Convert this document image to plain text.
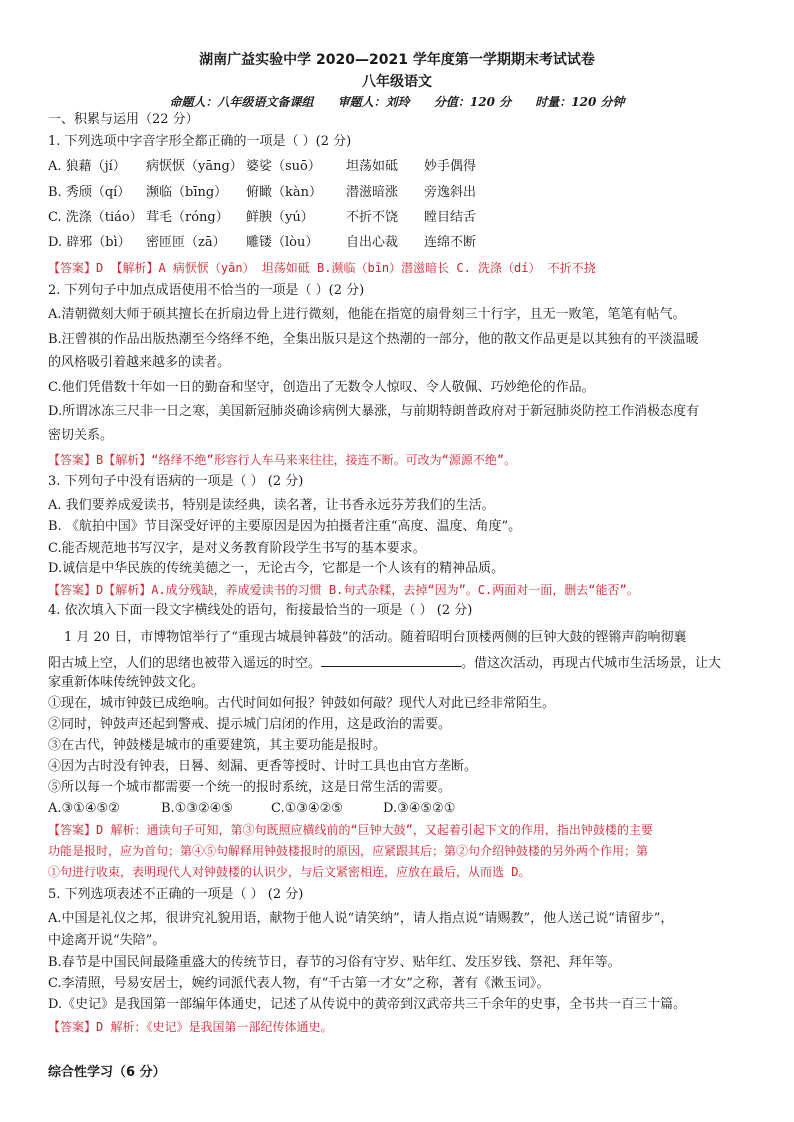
湖南广益实验中学 2020—2021 学年度第一学期期末考试试卷
八年级语文
命题人：八年级语文备课组 审题人：刘玲 分值：120 分 时量：120 分钟
一、积累与运用（22 分）
1. 下列选项中字音字形全都正确的一项是（ ）(2 分)
A. 狼藉（jí） 病恹恹（yāng） 婆娑（suō） 坦荡如砥 妙手偶得
B. 秀颀（qí） 濒临（bīng） 俯瞰（kàn） 潜滋暗涨 旁逸斜出
C. 洗涤（tiáo） 茸毛（róng） 鲜腴（yú） 不折不饶 瞠目结舌
D. 辟邪（bì） 密匝匝（zā） 雕镂（lòu） 自出心裁 连绵不断
【答案】D 【解析】A 病恹恹（yān） 坦荡如砥 B.濒临（bīn）潜滋暗长 C. 洗涤（dí） 不折不挠
2. 下列句子中加点成语使用不恰当的一项是（ ）(2 分)
A.清朝微刻大师于硕其擅长在折扇边骨上进行微刻，他能在指宽的扇骨刻三十行字，且无一败笔，笔笔有帖气。
B.汪曾祺的作品出版热潮至今络绎不绝，全集出版只是这个热潮的一部分，他的散文作品更是以其独有的平淡温暖
的风格吸引着越来越多的读者。
C.他们凭借数十年如一日的勤奋和坚守，创造出了无数令人惊叹、令人敬佩、巧妙绝伦的作品。
D.所谓冰冻三尺非一日之寒，美国新冠肺炎确诊病例大暴涨，与前期特朗普政府对于新冠肺炎防控工作消极态度有
密切关系。
【答案】B【解析】“络绎不绝”形容行人车马来来往往，接连不断。可改为“源源不绝”。
3. 下列句子中没有语病的一项是（ ） (2 分)
A. 我们要养成爱读书，特别是读经典，读名著，让书香永远芬芳我们的生活。
B. 《航拍中国》节目深受好评的主要原因是因为拍摄者注重“高度、温度、角度”。
C.能否规范地书写汉字，是对义务教育阶段学生书写的基本要求。
D.诚信是中华民族的传统美德之一，无论古今，它都是一个人该有的精神品质。
【答案】D【解析】A.成分残缺，养成爱读书的习惯 B.句式杂糅，去掉“因为”。C.两面对一面，删去“能否”。
4. 依次填入下面一段文字横线处的语句，衔接最恰当的一项是（ ） (2 分)
1 月 20 日，市博物馆举行了“重现古城晨钟暮鼓”的活动。随着昭明台顶楼两侧的巨钟大鼓的铿锵声韵响彻襄
阳古城上空，人们的思绪也被带入遥远的时空。	。借这次活动，再现古代城市生活场景，让大
家重新体味传统钟鼓文化。
①现在，城市钟鼓已成绝响。古代时间如何报？钟鼓如何敲？现代人对此已经非常陌生。
②同时，钟鼓声还起到警戒、提示城门启闭的作用，这是政治的需要。
③在古代，钟鼓楼是城市的重要建筑，其主要功能是报时。
④因为古时没有钟表，日晷、刻漏、更香等授时、计时工具也由官方垄断。
⑤所以每一个城市都需要一个统一的报时系统，这是日常生活的需要。
A.③①④⑤②	B.①③②④⑤	C.①③④②⑤	D.③④⑤②①
【答案】D 解析：通读句子可知，第③句既照应横线前的“巨钟大鼓”，又起着引起下文的作用，指出钟鼓楼的主要
功能是报时，应为首句；第④⑤句解释用钟鼓楼报时的原因，应紧跟其后；第②句介绍钟鼓楼的另外两个作用；第
①句进行收束，表明现代人对钟鼓楼的认识少，与后文紧密相连，应放在最后，从而选 D。
5. 下列选项表述不正确的一项是（ ） (2 分)
A.中国是礼仪之邦，很讲究礼貌用语，献物于他人说“请笑纳”，请人指点说“请赐教”，他人送己说“请留步”，
中途离开说“失陪”。
B.春节是中国民间最隆重盛大的传统节日，春节的习俗有守岁、贴年红、发压岁钱、祭祀、拜年等。
C.李清照，号易安居士，婉约词派代表人物，有“千古第一才女”之称，著有《漱玉词》。
D.《史记》是我国第一部编年体通史，记述了从传说中的黄帝到汉武帝共三千余年的史事，全书共一百三十篇。
【答案】D 解析：《史记》是我国第一部纪传体通史。
综合性学习（6 分）
